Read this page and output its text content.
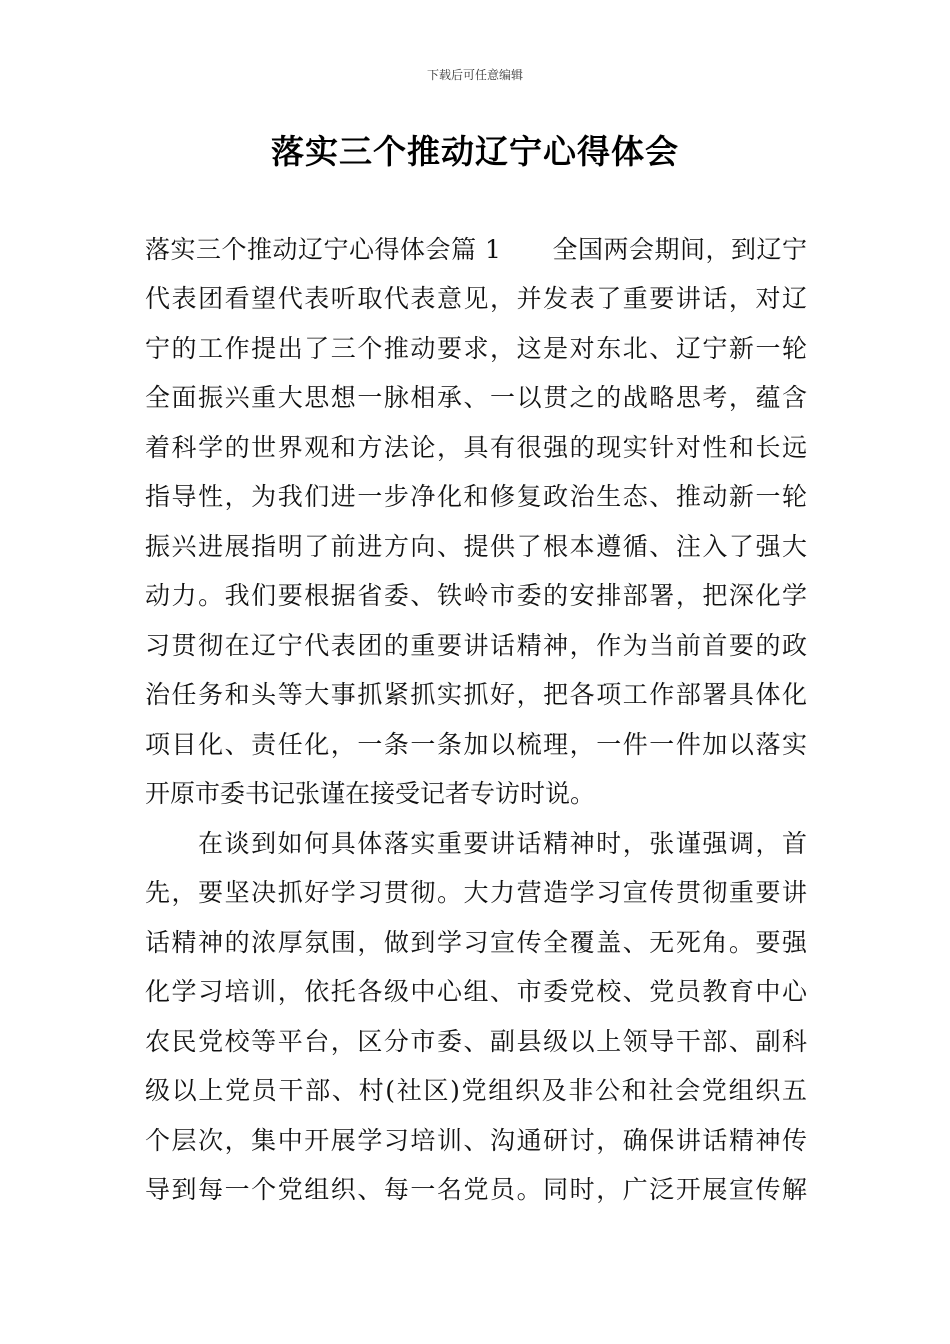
下载后可任意编辑
落实三个推动辽宁心得体会
落实三个推动辽宁心得体会篇 1　　全国两会期间，到辽宁
代表团看望代表听取代表意见，并发表了重要讲话，对辽
宁的工作提出了三个推动要求，这是对东北、辽宁新一轮
全面振兴重大思想一脉相承、一以贯之的战略思考，蕴含
着科学的世界观和方法论，具有很强的现实针对性和长远
指导性，为我们进一步净化和修复政治生态、推动新一轮
振兴进展指明了前进方向、提供了根本遵循、注入了强大
动力。我们要根据省委、铁岭市委的安排部署，把深化学
习贯彻在辽宁代表团的重要讲话精神，作为当前首要的政
治任务和头等大事抓紧抓实抓好，把各项工作部署具体化
项目化、责任化，一条一条加以梳理，一件一件加以落实
开原市委书记张谨在接受记者专访时说。
在谈到如何具体落实重要讲话精神时，张谨强调，首
先，要坚决抓好学习贯彻。大力营造学习宣传贯彻重要讲
话精神的浓厚氛围，做到学习宣传全覆盖、无死角。要强
化学习培训，依托各级中心组、市委党校、党员教育中心
农民党校等平台，区分市委、副县级以上领导干部、副科
级以上党员干部、村(社区)党组织及非公和社会党组织五
个层次，集中开展学习培训、沟通研讨，确保讲话精神传
导到每一个党组织、每一名党员。同时，广泛开展宣传解
